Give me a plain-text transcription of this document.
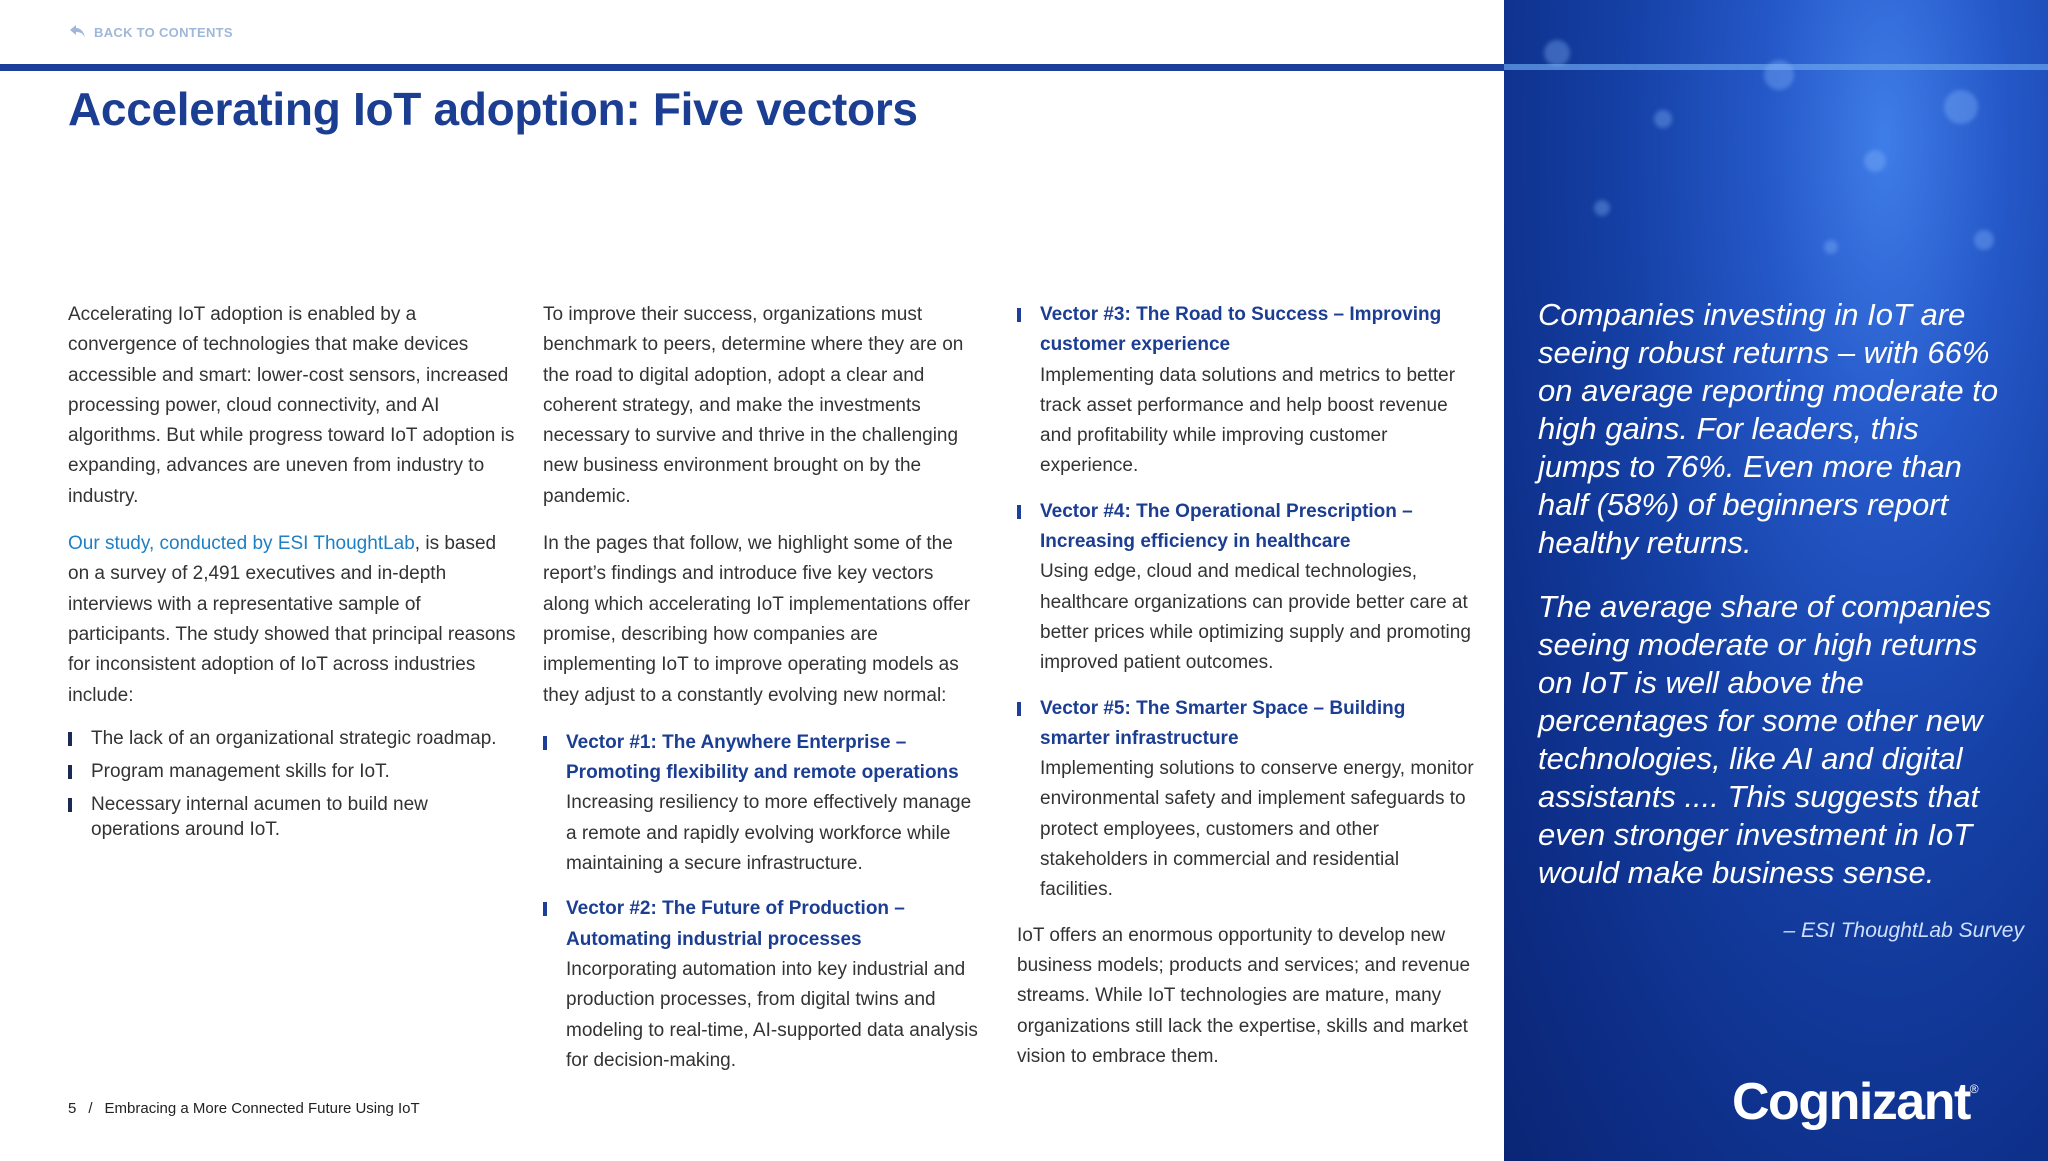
BACK TO CONTENTS
Accelerating IoT adoption: Five vectors

Accelerating IoT adoption is enabled by a convergence of technologies that make devices accessible and smart: lower-cost sensors, increased processing power, cloud connectivity, and AI algorithms. But while progress toward IoT adoption is expanding, advances are uneven from industry to industry.

Our study, conducted by ESI ThoughtLab, is based on a survey of 2,491 executives and in-depth interviews with a representative sample of participants. The study showed that principal reasons for inconsistent adoption of IoT across industries include:

The lack of an organizational strategic roadmap.
Program management skills for IoT.
Necessary internal acumen to build new operations around IoT.

To improve their success, organizations must benchmark to peers, determine where they are on the road to digital adoption, adopt a clear and coherent strategy, and make the investments necessary to survive and thrive in the challenging new business environment brought on by the pandemic.

In the pages that follow, we highlight some of the report’s findings and introduce five key vectors along which accelerating IoT implementations offer promise, describing how companies are implementing IoT to improve operating models as they adjust to a constantly evolving new normal:

Vector #1: The Anywhere Enterprise – Promoting flexibility and remote operations
Increasing resiliency to more effectively manage a remote and rapidly evolving workforce while maintaining a secure infrastructure.
Vector #2: The Future of Production – Automating industrial processes
Incorporating automation into key industrial and production processes, from digital twins and modeling to real-time, AI-supported data analysis for decision-making.
Vector #3: The Road to Success – Improving customer experience
Implementing data solutions and metrics to better track asset performance and help boost revenue and profitability while improving customer experience.
Vector #4: The Operational Prescription – Increasing efficiency in healthcare
Using edge, cloud and medical technologies, healthcare organizations can provide better care at better prices while optimizing supply and promoting improved patient outcomes.
Vector #5: The Smarter Space – Building smarter infrastructure
Implementing solutions to conserve energy, monitor environmental safety and implement safeguards to protect employees, customers and other stakeholders in commercial and residential facilities.

IoT offers an enormous opportunity to develop new business models; products and services; and revenue streams. While IoT technologies are mature, many organizations still lack the expertise, skills and market vision to embrace them.

5 / Embracing a More Connected Future Using IoT

Companies investing in IoT are seeing robust returns – with 66% on average reporting moderate to high gains. For leaders, this jumps to 76%. Even more than half (58%) of beginners report healthy returns.

The average share of companies seeing moderate or high returns on IoT is well above the percentages for some other new technologies, like AI and digital assistants .... This suggests that even stronger investment in IoT would make business sense.

– ESI ThoughtLab Survey
Cognizant®
